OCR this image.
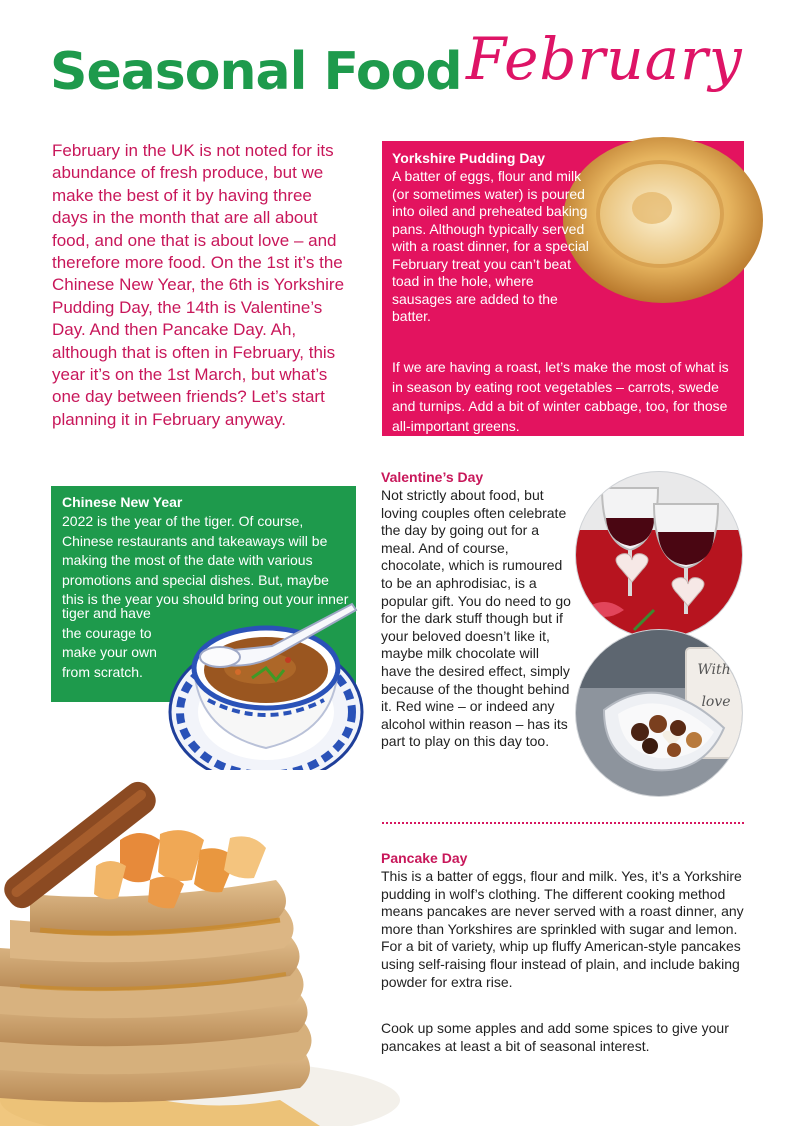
Seasonal Food February

February in the UK is not noted for its abundance of fresh produce, but we make the best of it by having three days in the month that are all about food, and one that is about love – and therefore more food. On the 1st it’s the Chinese New Year, the 6th is Yorkshire Pudding Day, the 14th is Valentine’s Day. And then Pancake Day. Ah, although that is often in February, this year it’s on the 1st March, but what’s one day between friends? Let’s start planning it in February anyway.

Yorkshire Pudding Day

A batter of eggs, flour and milk (or sometimes water) is poured into oiled and preheated baking pans. Although typically served with a roast dinner, for a special February treat you can’t beat toad in the hole, where sausages are added to the batter.

If we are having a roast, let’s make the most of what is in season by eating root vegetables – carrots, swede and turnips. Add a bit of winter cabbage, too, for those all-important greens.

Chinese New Year

2022 is the year of the tiger. Of course, Chinese restaurants and takeaways will be making the most of the date with various promotions and special dishes. But, maybe this is the year you should bring out your inner

tiger and have the courage to make your own from scratch.

Valentine’s Day

Not strictly about food, but loving couples often celebrate the day by going out for a meal. And of course, chocolate, which is rumoured to be an aphrodisiac, is a popular gift. You do need to go for the dark stuff though but if your beloved doesn’t like it, maybe milk chocolate will have the desired effect, simply because of the thought behind it. Red wine – or indeed any alcohol within reason – has its part to play on this day too.

With
love
Pancake Day

This is a batter of eggs, flour and milk. Yes, it’s a Yorkshire pudding in wolf’s clothing. The different cooking method means pancakes are never served with a roast dinner, any more than Yorkshires are sprinkled with sugar and lemon. For a bit of variety, whip up fluffy American-style pancakes using self-raising flour instead of plain, and include baking powder for extra rise.

Cook up some apples and add some spices to give your pancakes at least a bit of seasonal interest.
